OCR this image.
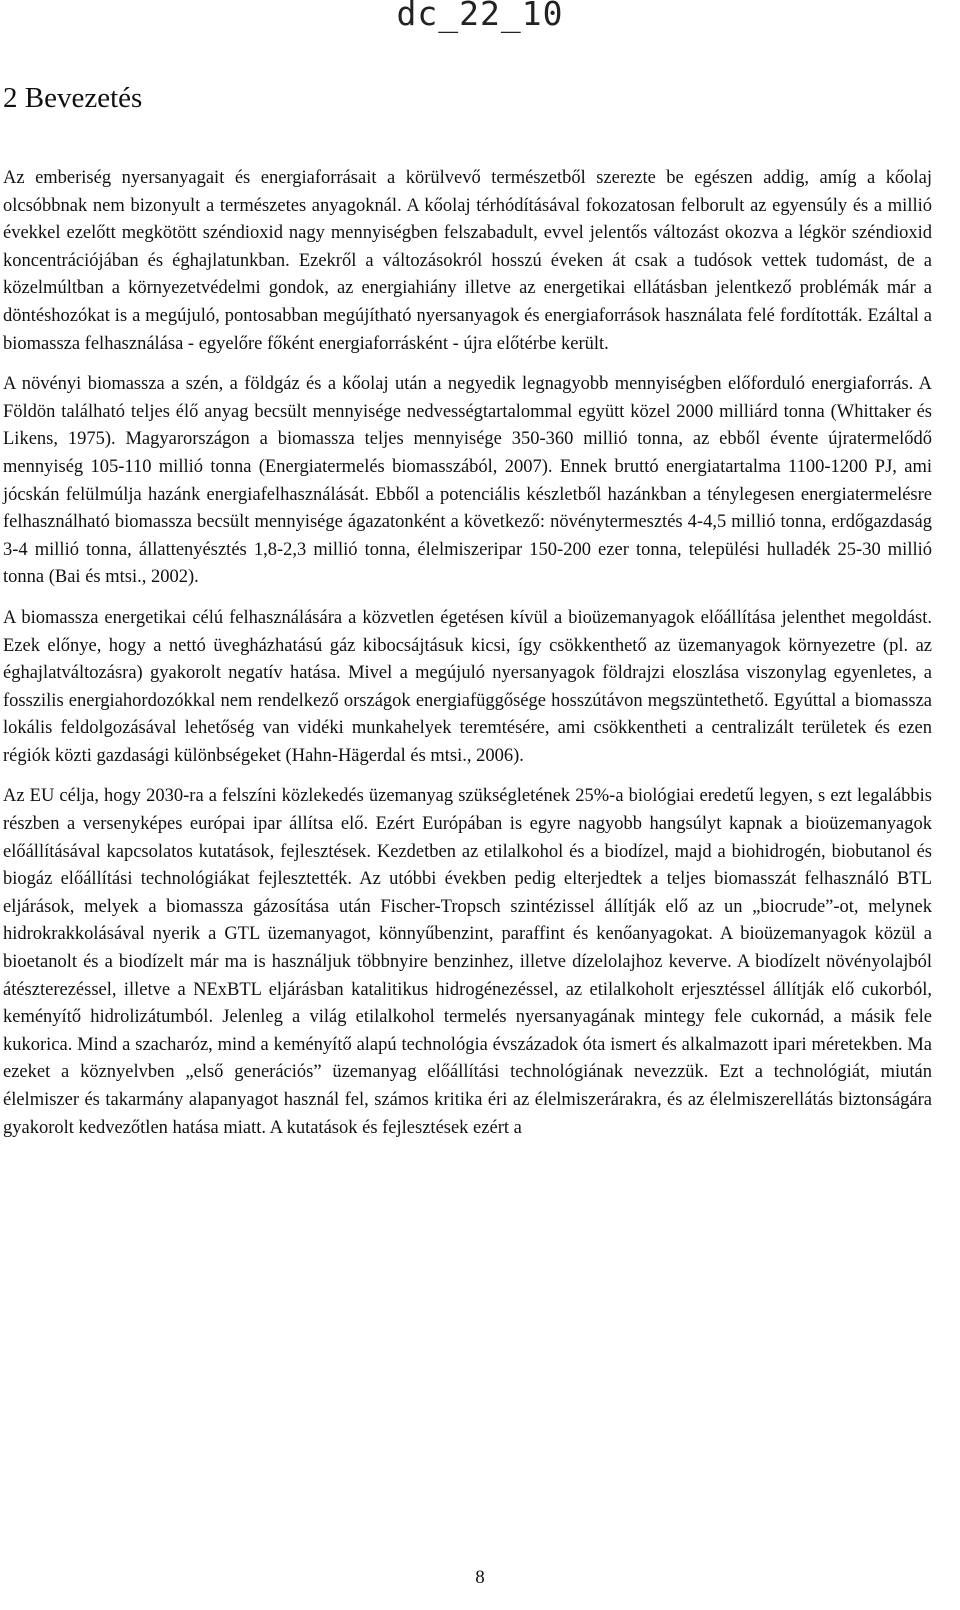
dc_22_10
2 Bevezetés

Az emberiség nyersanyagait és energiaforrásait a körülvevő természetből szerezte be egészen addig, amíg a kőolaj olcsóbbnak nem bizonyult a természetes anyagoknál. A kőolaj térhódításával fokozatosan felborult az egyensúly és a millió évekkel ezelőtt megkötött széndioxid nagy mennyiségben felszabadult, evvel jelentős változást okozva a légkör széndioxid koncentrációjában és éghajlatunkban. Ezekről a változásokról hosszú éveken át csak a tudósok vettek tudomást, de a közelmúltban a környezetvédelmi gondok, az energiahiány illetve az energetikai ellátásban jelentkező problémák már a döntéshozókat is a megújuló, pontosabban megújítható nyersanyagok és energiaforrások használata felé fordították. Ezáltal a biomassza felhasználása - egyelőre főként energiaforrásként - újra előtérbe került.

A növényi biomassza a szén, a földgáz és a kőolaj után a negyedik legnagyobb mennyiségben előforduló energiaforrás. A Földön található teljes élő anyag becsült mennyisége nedvességtartalommal együtt közel 2000 milliárd tonna (Whittaker és Likens, 1975). Magyarországon a biomassza teljes mennyisége 350-360 millió tonna, az ebből évente újratermelődő mennyiség 105-110 millió tonna (Energiatermelés biomasszából, 2007). Ennek bruttó energiatartalma 1100-1200 PJ, ami jócskán felülmúlja hazánk energiafelhasználását. Ebből a potenciális készletből hazánkban a ténylegesen energiatermelésre felhasználható biomassza becsült mennyisége ágazatonként a következő: növénytermesztés 4-4,5 millió tonna, erdőgazdaság 3-4 millió tonna, állattenyésztés 1,8-2,3 millió tonna, élelmiszeripar 150-200 ezer tonna, települési hulladék 25-30 millió tonna (Bai és mtsi., 2002).

A biomassza energetikai célú felhasználására a közvetlen égetésen kívül a bioüzemanyagok előállítása jelenthet megoldást. Ezek előnye, hogy a nettó üvegházhatású gáz kibocsájtásuk kicsi, így csökkenthető az üzemanyagok környezetre (pl. az éghajlatváltozásra) gyakorolt negatív hatása. Mivel a megújuló nyersanyagok földrajzi eloszlása viszonylag egyenletes, a fosszilis energiahordozókkal nem rendelkező országok energiafüggősége hosszútávon megszüntethető. Egyúttal a biomassza lokális feldolgozásával lehetőség van vidéki munkahelyek teremtésére, ami csökkentheti a centralizált területek és ezen régiók közti gazdasági különbségeket (Hahn-Hägerdal és mtsi., 2006).

Az EU célja, hogy 2030-ra a felszíni közlekedés üzemanyag szükségletének 25%-a biológiai eredetű legyen, s ezt legalábbis részben a versenyképes európai ipar állítsa elő. Ezért Európában is egyre nagyobb hangsúlyt kapnak a bioüzemanyagok előállításával kapcsolatos kutatások, fejlesztések. Kezdetben az etilalkohol és a biodízel, majd a biohidrogén, biobutanol és biogáz előállítási technológiákat fejlesztették. Az utóbbi években pedig elterjedtek a teljes biomasszát felhasználó BTL eljárások, melyek a biomassza gázosítása után Fischer-Tropsch szintézissel állítják elő az un „biocrude”-ot, melynek hidrokrakkolásával nyerik a GTL üzemanyagot, könnyűbenzint, paraffint és kenőanyagokat. A bioüzemanyagok közül a bioetanolt és a biodízelt már ma is használjuk többnyire benzinhez, illetve dízelolajhoz keverve. A biodízelt növényolajból átészterezéssel, illetve a NExBTL eljárásban katalitikus hidrogénezéssel, az etilalkoholt erjesztéssel állítják elő cukorból, keményítő hidrolizátumból. Jelenleg a világ etilalkohol termelés nyersanyagának mintegy fele cukornád, a másik fele kukorica. Mind a szacharóz, mind a keményítő alapú technológia évszázadok óta ismert és alkalmazott ipari méretekben. Ma ezeket a köznyelvben „első generációs” üzemanyag előállítási technológiának nevezzük. Ezt a technológiát, miután élelmiszer és takarmány alapanyagot használ fel, számos kritika éri az élelmiszerárakra, és az élelmiszerellátás biztonságára gyakorolt kedvezőtlen hatása miatt. A kutatások és fejlesztések ezért a

8
